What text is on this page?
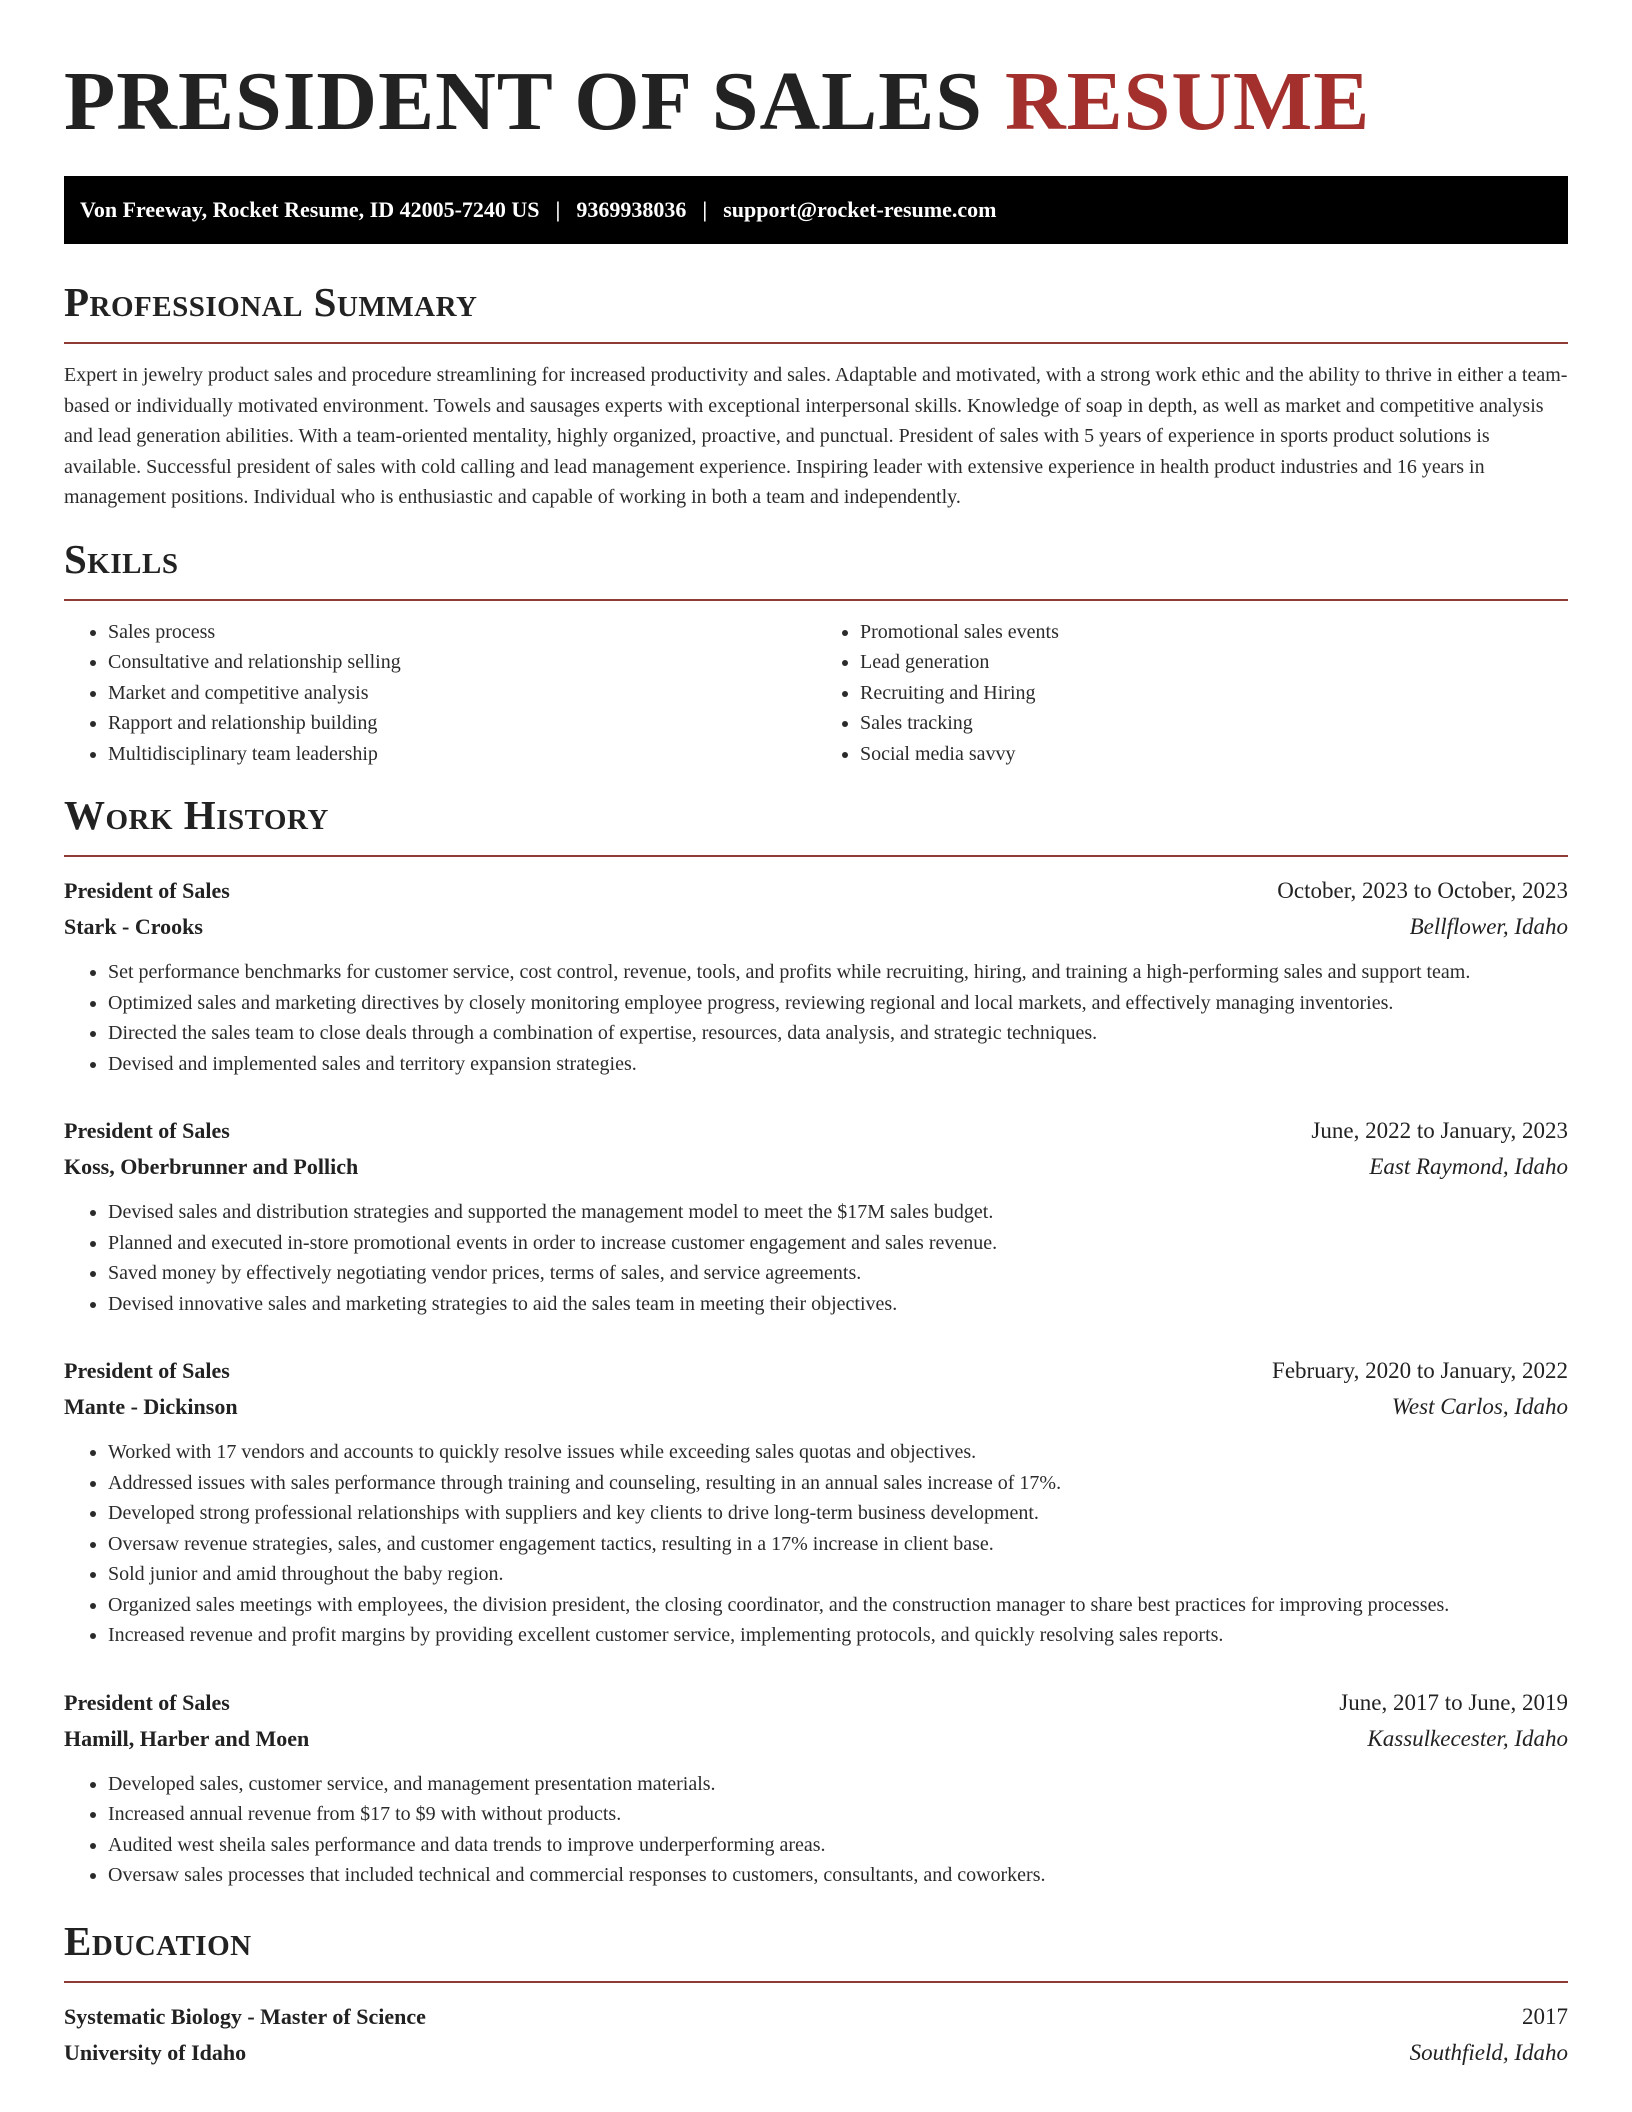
PRESIDENT OF SALES RESUME
Von Freeway, Rocket Resume, ID 42005-7240 US | 9369938036 | support@rocket-resume.com
Professional Summary

Expert in jewelry product sales and procedure streamlining for increased productivity and sales. Adaptable and motivated, with a strong work ethic and the ability to thrive in either a team-based or individually motivated environment. Towels and sausages experts with exceptional interpersonal skills. Knowledge of soap in depth, as well as market and competitive analysis and lead generation abilities. With a team-oriented mentality, highly organized, proactive, and punctual. President of sales with 5 years of experience in sports product solutions is available. Successful president of sales with cold calling and lead management experience. Inspiring leader with extensive experience in health product industries and 16 years in management positions. Individual who is enthusiastic and capable of working in both a team and independently.

Skills
• Sales process
• Consultative and relationship selling
• Market and competitive analysis
• Rapport and relationship building
• Multidisciplinary team leadership
• Promotional sales events
• Lead generation
• Recruiting and Hiring
• Sales tracking
• Social media savvy
Work History
President of Sales	October, 2023 to October, 2023
Stark - Crooks	Bellflower, Idaho
• Set performance benchmarks for customer service, cost control, revenue, tools, and profits while recruiting, hiring, and training a high-performing sales and support team.
• Optimized sales and marketing directives by closely monitoring employee progress, reviewing regional and local markets, and effectively managing inventories.
• Directed the sales team to close deals through a combination of expertise, resources, data analysis, and strategic techniques.
• Devised and implemented sales and territory expansion strategies.
President of Sales	June, 2022 to January, 2023
Koss, Oberbrunner and Pollich	East Raymond, Idaho
• Devised sales and distribution strategies and supported the management model to meet the $17M sales budget.
• Planned and executed in-store promotional events in order to increase customer engagement and sales revenue.
• Saved money by effectively negotiating vendor prices, terms of sales, and service agreements.
• Devised innovative sales and marketing strategies to aid the sales team in meeting their objectives.
President of Sales	February, 2020 to January, 2022
Mante - Dickinson	West Carlos, Idaho
• Worked with 17 vendors and accounts to quickly resolve issues while exceeding sales quotas and objectives.
• Addressed issues with sales performance through training and counseling, resulting in an annual sales increase of 17%.
• Developed strong professional relationships with suppliers and key clients to drive long-term business development.
• Oversaw revenue strategies, sales, and customer engagement tactics, resulting in a 17% increase in client base.
• Sold junior and amid throughout the baby region.
• Organized sales meetings with employees, the division president, the closing coordinator, and the construction manager to share best practices for improving processes.
• Increased revenue and profit margins by providing excellent customer service, implementing protocols, and quickly resolving sales reports.
President of Sales	June, 2017 to June, 2019
Hamill, Harber and Moen	Kassulkecester, Idaho
• Developed sales, customer service, and management presentation materials.
• Increased annual revenue from $17 to $9 with without products.
• Audited west sheila sales performance and data trends to improve underperforming areas.
• Oversaw sales processes that included technical and commercial responses to customers, consultants, and coworkers.
Education
Systematic Biology - Master of Science	2017
University of Idaho	Southfield, Idaho
